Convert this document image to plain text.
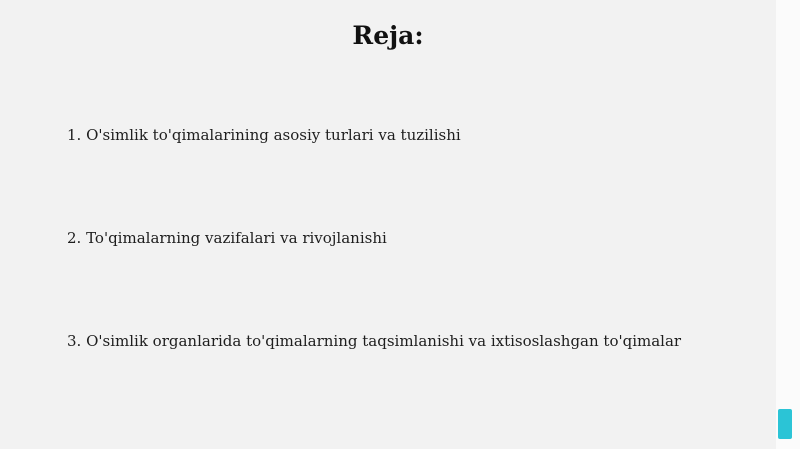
Reja:
1. O'simlik to'qimalarining asosiy turlari va tuzilishi
2. To'qimalarning vazifalari va rivojlanishi
3. O'simlik organlarida to'qimalarning taqsimlanishi va ixtisoslashgan to'qimalar
